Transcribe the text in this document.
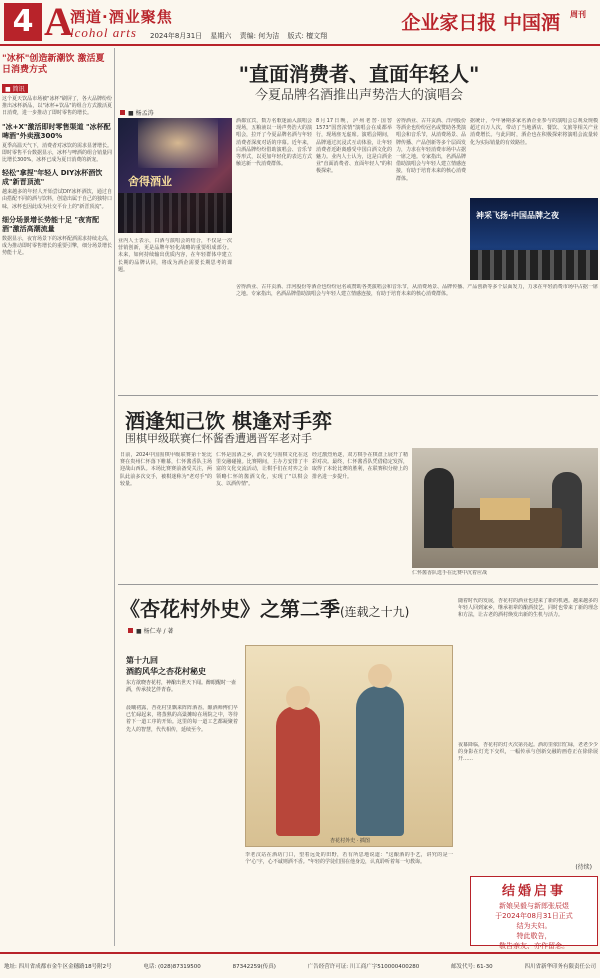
4 A
酒道·酒业聚焦
lcohol arts 2024年8月31日 星期六 责编: 何为洁 版式: 檀文翔
企业家日报 中国酒	周刊
"冰杯"创造新潮饮 激活夏日消费方式
■ 简讯
这个夏天饮品市场被"冰杯"刷屏了，各大品牌纷纷推出冰杯新品，以"冰杯+饮品"的组合方式激活夏日消费，进一步推动了即时零售的增长。
"冰+X"激活即时零售渠道 "冰杯配啤酒"外卖涨300%
夏季高温天气下，消费者对冰饮的需求显著增长。即时零售平台数据显示，冰杯与啤酒的组合销量同比增长300%，冰杯已成为夏日消费的新宠。
轻松"拿捏"年轻人 DIY冰杯酒饮成"新晋顶流"
越来越多的年轻人开始尝试DIY冰杯酒饮，通过自由搭配不同的酒与饮料，创造出属于自己的独特口味，冰杯也因此成为社交平台上的"新晋顶流"。
细分场景增长势能十足 "夜宵配酒"激活高潮流量
数据显示，夜宵场景下的冰杯配酒需求持续走高，成为推动即时零售增长的重要引擎，细分场景增长势能十足。
"直面消费者、直面年轻人"
今夏品牌名酒推出声势浩大的演唱会
■ 杨孟涛
舍得酒业
酒都宜宾，数万名歌迷涌入演唱会现场，五粮液以一场声势浩大的演唱会，拉开了今夏品牌名酒与年轻消费者深度对话的序幕。近年来，白酒品牌纷纷借助演唱会、音乐节等形式，以更加年轻化的表达方式触达新一代消费群体。
8月17日晚，泸州老窖·国窖1573"国窖浓情"演唱会在成都举行，现场座无虚席。演唱会期间，品牌通过沉浸式互动体验，让年轻消费者近距离感受中国白酒文化的魅力。业内人士认为，这是白酒企业"直面消费者、直面年轻人"的积极探索。
舍得酒业、古井贡酒、洋河股份等酒企也纷纷冠名或赞助各类演唱会和音乐节，从消费场景、品牌传播、产品创新等多个层面发力，力求在年轻消费市场中占据一席之地。专家指出，名酒品牌借助演唱会与年轻人建立情感连接，有助于培育未来的核心消费群体。
据统计，今年暑期多家名酒企业参与的演唱会总观众规模超过百万人次，带动了当地酒店、餐饮、文旅等相关产业消费增长。与此同时，酒企也在积极探索将演唱会流量转化为实际销量的有效路径。
神采飞扬·中国品牌之夜
业内人士表示，白酒与演唱会的结合，不仅是一次营销创新，更是品牌年轻化战略的重要组成部分。未来，如何持续输出优质内容，在年轻群体中建立长期的品牌认同，将成为酒企需要长期思考的课题。
舍得酒业、古井贡酒、洋河股份等酒企也纷纷冠名或赞助各类演唱会和音乐节，从消费场景、品牌传播、产品创新等多个层面发力，力求在年轻消费市场中占据一席之地。专家指出，名酒品牌借助演唱会与年轻人建立情感连接，有助于培育未来的核心消费群体。
酒逢知己饮 棋逢对手弈
围棋甲级联赛仁怀酱香遭遇晋军老对手
日前，2024中国围棋甲级联赛第十轮比赛在贵州仁怀落下帷幕，仁怀酱香队主场迎战山西队。本场比赛赛前备受关注，两队此前多次交手，被棋迷称为"老对手"的较量。
仁怀是国酒之乡，酒文化与围棋文化在这里交融碰撞。比赛期间，主办方安排了丰富的文化交流活动，让棋手们在对弈之余领略仁怀的酱酒文化，实现了"以棋会友、以酒传情"。
经过激烈角逐，双方棋手在棋盘上展开了精彩对决。最终，仁怀酱香队凭借稳定发挥，取得了本轮比赛的胜利，在联赛积分榜上的排名进一步提升。
仁怀酱香队选手在比赛中沉着应战
《杏花村外史》之第二季(连载之十九)
■ 杨仁寿 / 著
第十九回
酒韵风华之杏花村秘史
东方欲晓杏花村，神酿出世天下闻。醉眼醒时一壶酒，传承技艺伴青春。
晨曦初露，杏花村里飘来阵阵酒香。酿酒师傅们早已忙碌起来，将蒸熟的高粱摊晾在场院之中，等待着下一道工序的开始。这里的每一道工艺都凝聚着先人的智慧，代代相传，延续至今。
杏花村外史 · 插图
李老汉站在酒坊门口，望着远处的田野，若有所思地说道："这酿酒的手艺，讲究的是一个'心'字，心不诚则酒不香。"年轻的学徒们围在他身边，认真聆听着每一句教诲。
随着时代的发展，杏花村的酒业也迎来了新的机遇。越来越多的年轻人回到家乡，继承祖辈的酿酒技艺，同时也带来了新的理念和方法，让古老的酒村焕发出新的生机与活力。
夜幕降临，杏花村的灯火次第亮起。酒坊里依旧忙碌，老老少少的身影在灯光下交织，一幅传承与创新交融的画卷正在徐徐展开……
(待续)
结婚启事
新娘吴毅与新郎张辰煜
于2024年08月31日正式
结为夫妇。
特此敬告，
敬告亲友、亦作留念。
地址: 四川省成都市金牛区金穗路18号附2号	电话: (028)87319500	87342259(传真)	广告经营许可证: 川工商广字510000400280	邮发代号: 61-30	四川省新华印务有限责任公司
